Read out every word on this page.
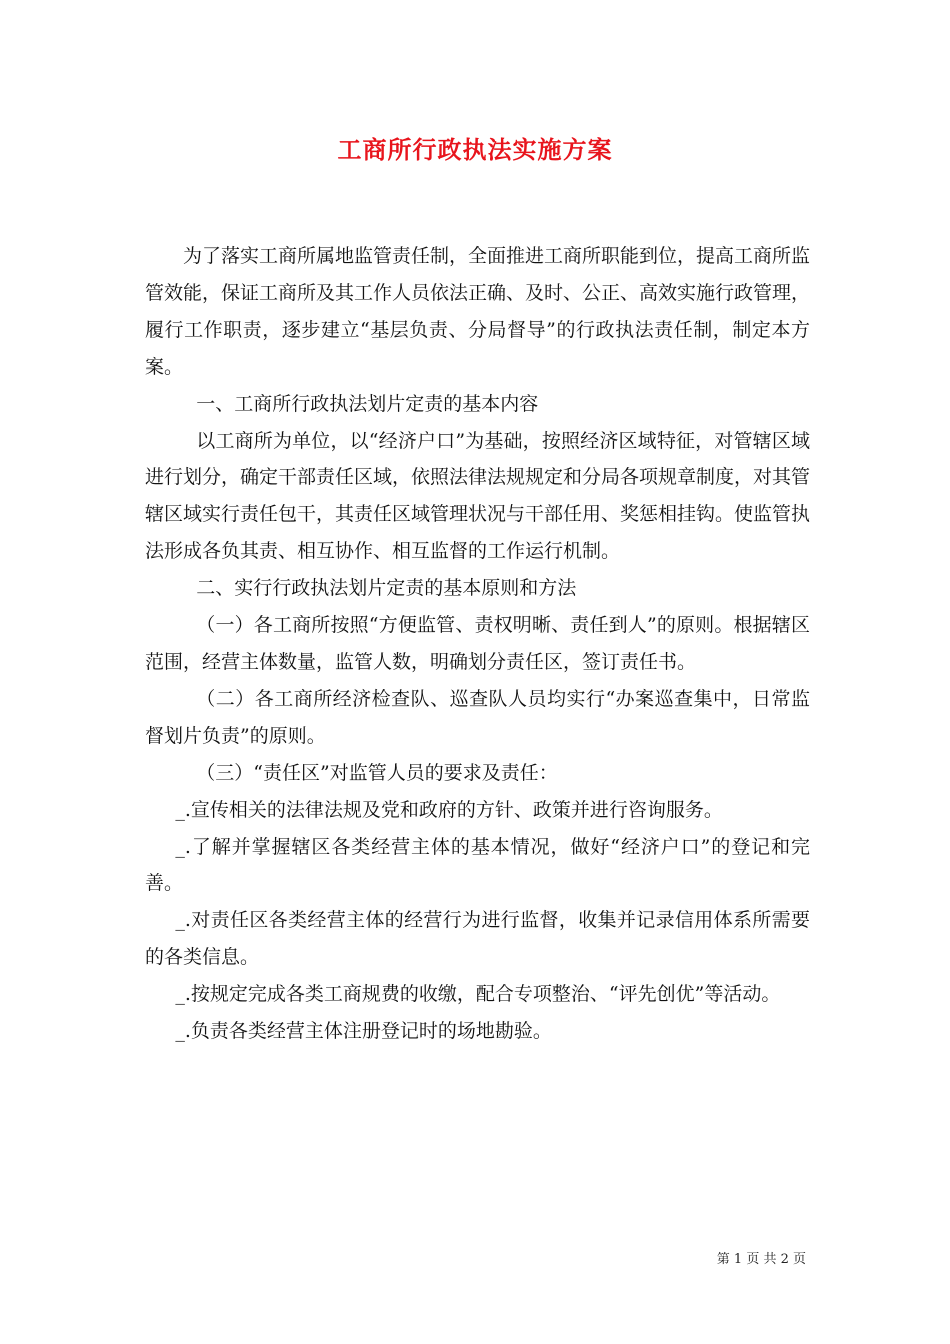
工商所行政执法实施方案

为了落实工商所属地监管责任制，全面推进工商所职能到位，提高工商所监管效能，保证工商所及其工作人员依法正确、及时、公正、高效实施行政管理，履行工作职责，逐步建立“基层负责、分局督导”的行政执法责任制，制定本方案。

一、工商所行政执法划片定责的基本内容

以工商所为单位，以“经济户口”为基础，按照经济区域特征，对管辖区域进行划分，确定干部责任区域，依照法律法规规定和分局各项规章制度，对其管辖区域实行责任包干，其责任区域管理状况与干部任用、奖惩相挂钩。使监管执法形成各负其责、相互协作、相互监督的工作运行机制。

二、实行行政执法划片定责的基本原则和方法

（一）各工商所按照“方便监管、责权明晰、责任到人”的原则。根据辖区范围，经营主体数量，监管人数，明确划分责任区，签订责任书。

（二）各工商所经济检查队、巡查队人员均实行“办案巡查集中，日常监督划片负责”的原则。

（三）“责任区”对监管人员的要求及责任：

_.宣传相关的法律法规及党和政府的方针、政策并进行咨询服务。

_.了解并掌握辖区各类经营主体的基本情况，做好“经济户口”的登记和完善。

_.对责任区各类经营主体的经营行为进行监督，收集并记录信用体系所需要的各类信息。

_.按规定完成各类工商规费的收缴，配合专项整治、“评先创优”等活动。

_.负责各类经营主体注册登记时的场地勘验。

第 1 页 共 2 页
